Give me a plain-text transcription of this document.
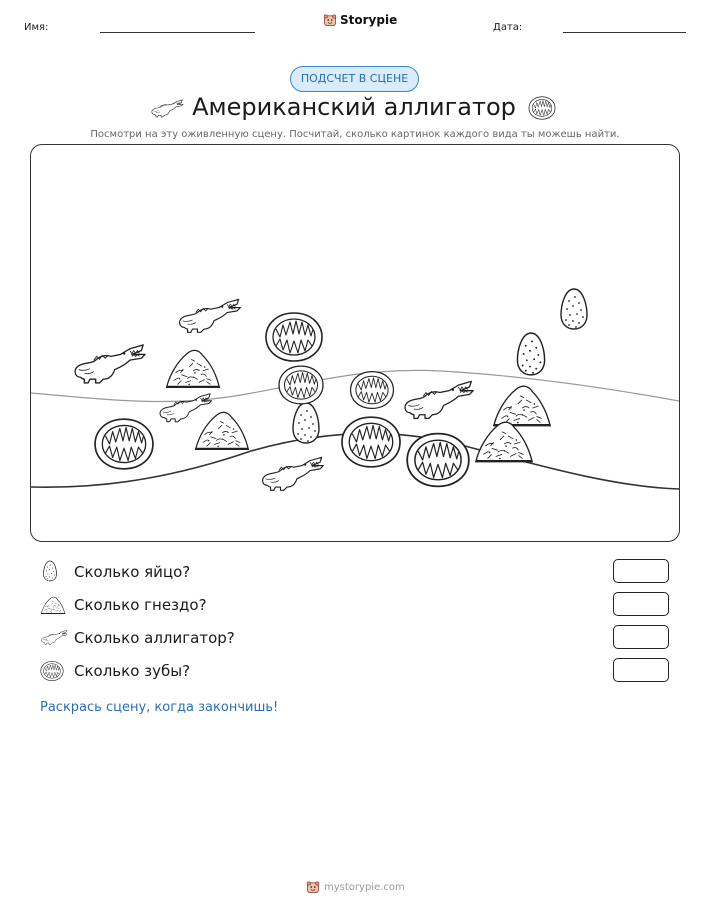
Имя:
Storypie
Дата:
ПОДСЧЕТ В СЦЕНЕ
Американский аллигатор
Посмотри на эту оживленную сцену. Посчитай, сколько картинок каждого вида ты можешь найти.
Сколько яйцо?
Сколько гнездо?
Сколько аллигатор?
Сколько зубы?
Раскрась сцену, когда закончишь!
mystorypie.com
